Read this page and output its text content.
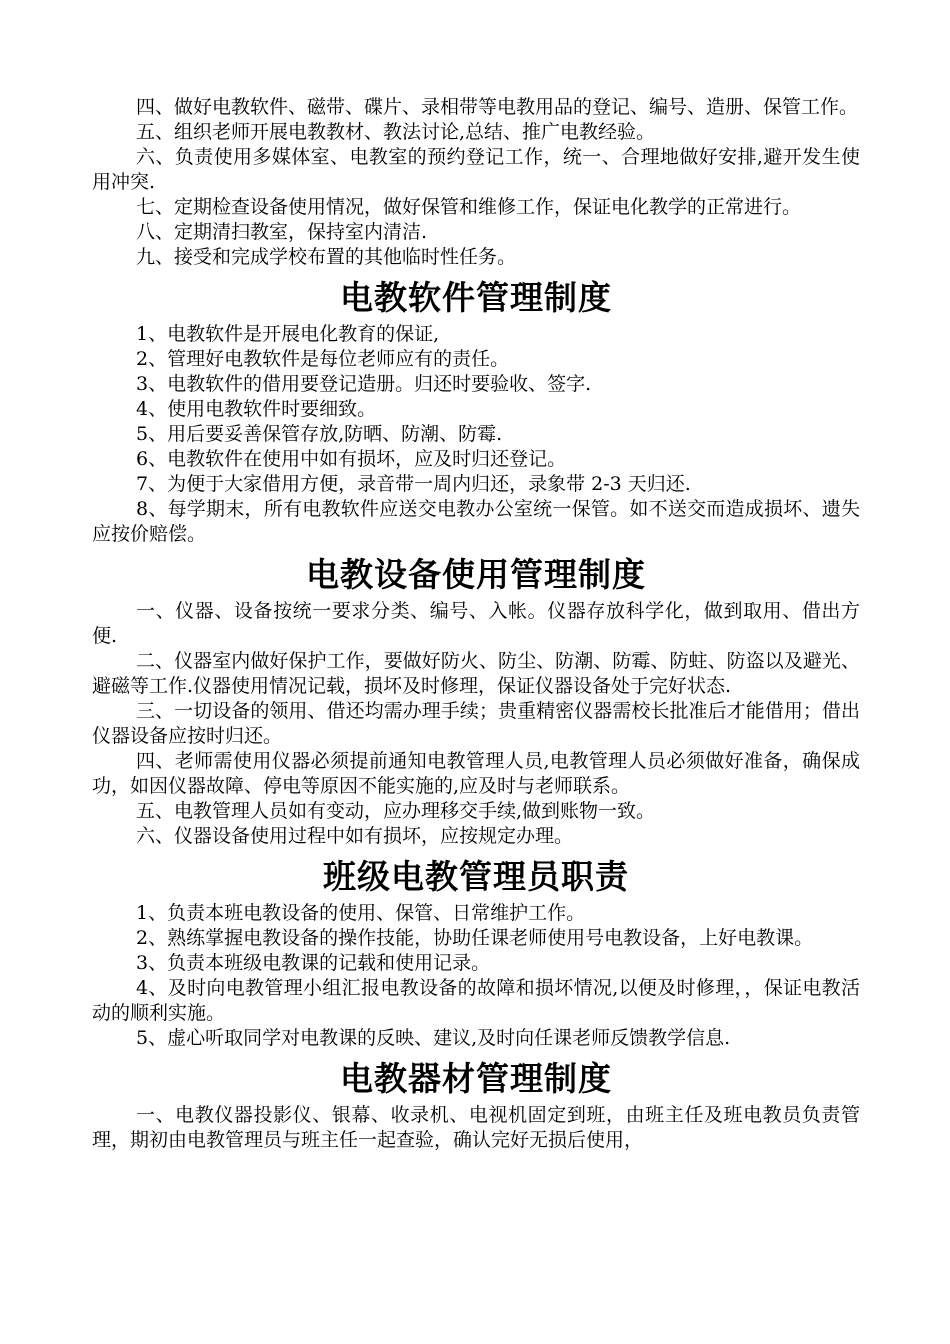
四、做好电教软件、磁带、碟片、录相带等电教用品的登记、编号、造册、保管工作。

五、组织老师开展电教教材、教法讨论,总结、推广电教经验。

六、负责使用多媒体室、电教室的预约登记工作，统一、合理地做好安排,避开发生使用冲突.

七、定期检查设备使用情况，做好保管和维修工作，保证电化教学的正常进行。

八、定期清扫教室，保持室内清洁.

九、接受和完成学校布置的其他临时性任务。

电教软件管理制度

1、电教软件是开展电化教育的保证,

2、管理好电教软件是每位老师应有的责任。

3、电教软件的借用要登记造册。归还时要验收、签字.

4、使用电教软件时要细致。

5、用后要妥善保管存放,防晒、防潮、防霉.

6、电教软件在使用中如有损坏，应及时归还登记。

7、为便于大家借用方便，录音带一周内归还，录象带 2-3 天归还.

8、每学期末，所有电教软件应送交电教办公室统一保管。如不送交而造成损坏、遗失应按价赔偿。

电教设备使用管理制度

一、仪器、设备按统一要求分类、编号、入帐。仪器存放科学化，做到取用、借出方便.

二、仪器室内做好保护工作，要做好防火、防尘、防潮、防霉、防蛀、防盗以及避光、避磁等工作.仪器使用情况记载，损坏及时修理，保证仪器设备处于完好状态.

三、一切设备的领用、借还均需办理手续；贵重精密仪器需校长批准后才能借用；借出仪器设备应按时归还。

四、老师需使用仪器必须提前通知电教管理人员,电教管理人员必须做好准备，确保成功，如因仪器故障、停电等原因不能实施的,应及时与老师联系。

五、电教管理人员如有变动，应办理移交手续,做到账物一致。

六、仪器设备使用过程中如有损坏，应按规定办理。

班级电教管理员职责

1、负责本班电教设备的使用、保管、日常维护工作。

2、熟练掌握电教设备的操作技能，协助任课老师使用号电教设备，上好电教课。

3、负责本班级电教课的记载和使用记录。

4、及时向电教管理小组汇报电教设备的故障和损坏情况,以便及时修理，，保证电教活动的顺利实施。

5、虚心听取同学对电教课的反映、建议,及时向任课老师反馈教学信息.

电教器材管理制度

一、电教仪器投影仪、银幕、收录机、电视机固定到班，由班主任及班电教员负责管理，期初由电教管理员与班主任一起查验，确认完好无损后使用，
